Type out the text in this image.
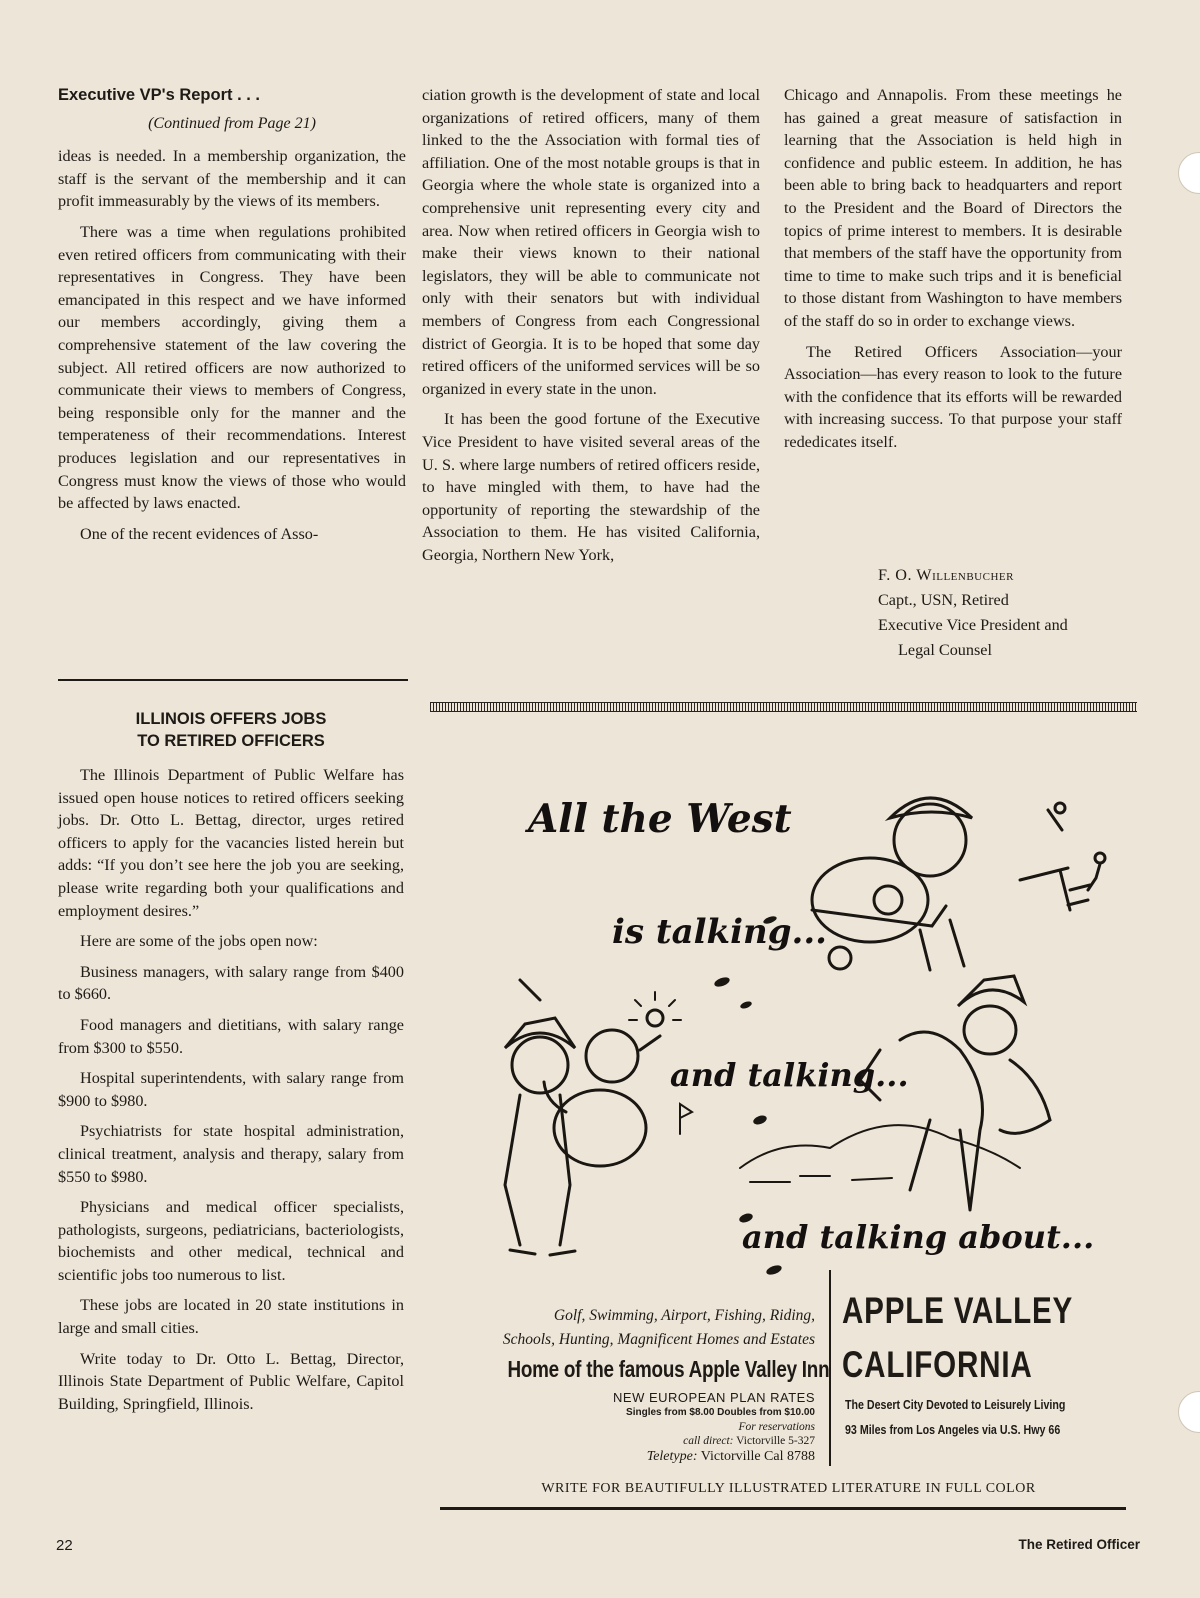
Executive VP's Report . . .
(Continued from Page 21)

ideas is needed. In a membership organization, the staff is the servant of the membership and it can profit immeasurably by the views of its members.

There was a time when regulations prohibited even retired officers from communicating with their representatives in Congress. They have been emancipated in this respect and we have informed our members accordingly, giving them a comprehensive statement of the law covering the subject. All retired officers are now authorized to communicate their views to members of Congress, being responsible only for the manner and the temperateness of their recommendations. Interest produces legislation and our representatives in Congress must know the views of those who would be affected by laws enacted.

One of the recent evidences of Asso-

ciation growth is the development of state and local organizations of retired officers, many of them linked to the the Association with formal ties of affiliation. One of the most notable groups is that in Georgia where the whole state is organized into a comprehensive unit representing every city and area. Now when retired officers in Georgia wish to make their views known to their national legislators, they will be able to communicate not only with their senators but with individual members of Congress from each Congressional district of Georgia. It is to be hoped that some day retired officers of the uniformed services will be so organized in every state in the unon.

It has been the good fortune of the Executive Vice President to have visited several areas of the U. S. where large numbers of retired officers reside, to have mingled with them, to have had the opportunity of reporting the stewardship of the Association to them. He has visited California, Georgia, Northern New York,

Chicago and Annapolis. From these meetings he has gained a great measure of satisfaction in learning that the Association is held high in confidence and public esteem. In addition, he has been able to bring back to headquarters and report to the President and the Board of Directors the topics of prime interest to members. It is desirable that members of the staff have the opportunity from time to time to make such trips and it is beneficial to those distant from Washington to have members of the staff do so in order to exchange views.

The Retired Officers Association—your Association—has every reason to look to the future with the confidence that its efforts will be rewarded with increasing success. To that purpose your staff rededicates itself.

F. O. Willenbucher
Capt., USN, Retired
Executive Vice President and
Legal Counsel
ILLINOIS OFFERS JOBS
TO RETIRED OFFICERS

The Illinois Department of Public Welfare has issued open house notices to retired officers seeking jobs. Dr. Otto L. Bettag, director, urges retired officers to apply for the vacancies listed herein but adds: “If you don’t see here the job you are seeking, please write regarding both your qualifications and employment desires.”

Here are some of the jobs open now:

Business managers, with salary range from $400 to $660.

Food managers and dietitians, with salary range from $300 to $550.

Hospital superintendents, with salary range from $900 to $980.

Psychiatrists for state hospital administration, clinical treatment, analysis and therapy, salary from $550 to $980.

Physicians and medical officer specialists, pathologists, surgeons, pediatricians, bacteriologists, biochemists and other medical, technical and scientific jobs too numerous to list.

These jobs are located in 20 state institutions in large and small cities.

Write today to Dr. Otto L. Bettag, Director, Illinois State Department of Public Welfare, Capitol Building, Springfield, Illinois.

All the West
is talking...
and talking...
and talking about...
Golf, Swimming, Airport, Fishing, Riding,
Schools, Hunting, Magnificent Homes and Estates
Home of the famous Apple Valley Inn
NEW EUROPEAN PLAN RATES
Singles from $8.00 Doubles from $10.00
For reservations
call direct: Victorville 5-327
Teletype: Victorville Cal 8788
APPLE VALLEY
CALIFORNIA
The Desert City Devoted to Leisurely Living
93 Miles from Los Angeles via U.S. Hwy 66
WRITE FOR BEAUTIFULLY ILLUSTRATED LITERATURE IN FULL COLOR
22	The Retired Officer
